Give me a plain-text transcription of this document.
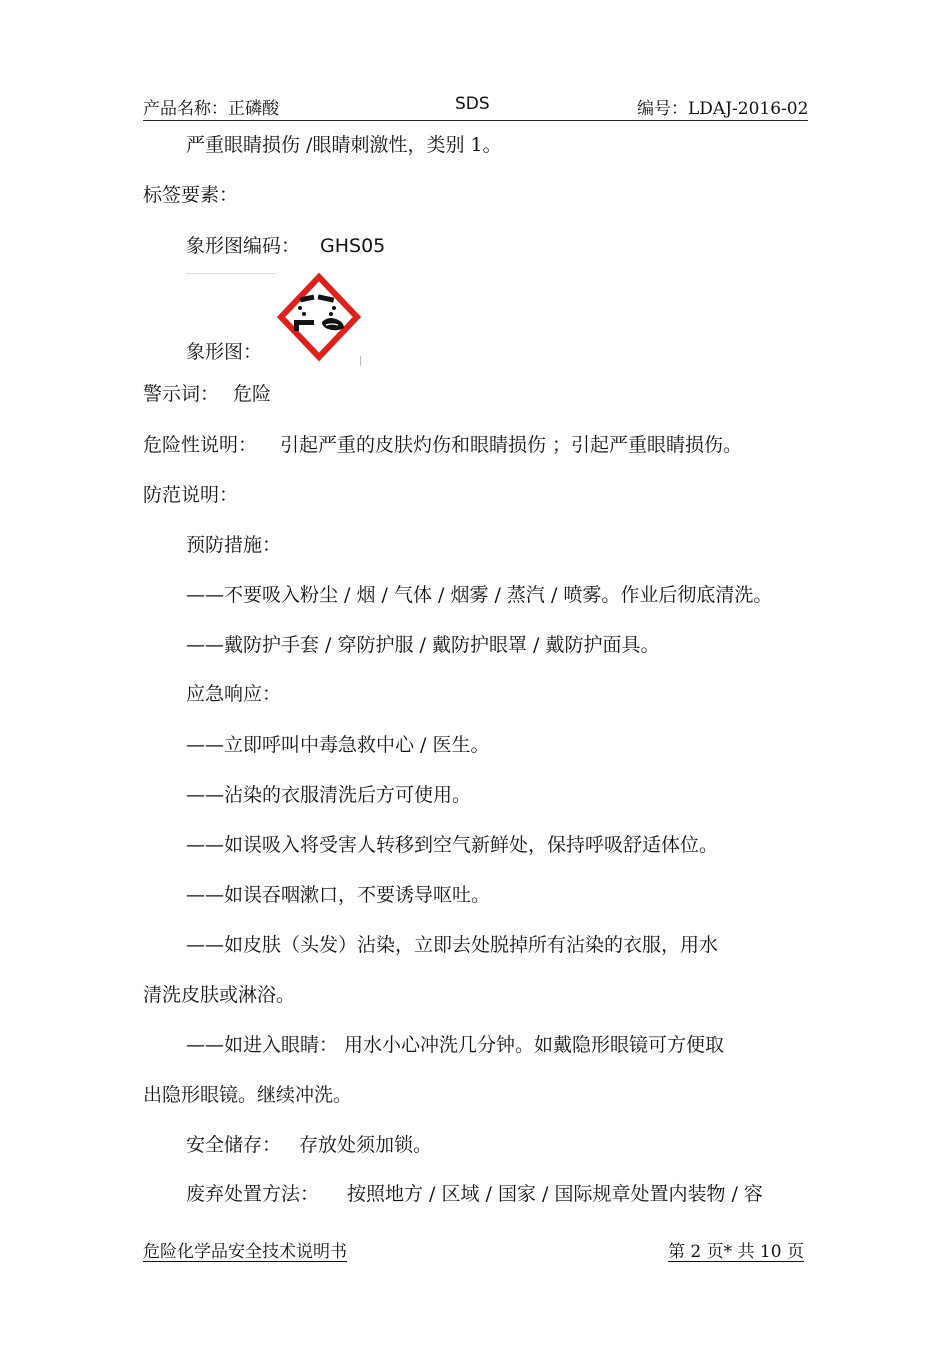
产品名称：正磷酸	SDS	编号：LDAJ-2016-02
严重眼睛损伤 /眼睛刺激性，类别 1。
标签要素：
象形图编码： GHS05
象形图：
警示词： 危险
危险性说明： 引起严重的皮肤灼伤和眼睛损伤 ；引起严重眼睛损伤。
防范说明：
预防措施：
——不要吸入粉尘 / 烟 / 气体 / 烟雾 / 蒸汽 / 喷雾。作业后彻底清洗。
——戴防护手套 / 穿防护服 / 戴防护眼罩 / 戴防护面具。
应急响应：
——立即呼叫中毒急救中心 / 医生。
——沾染的衣服清洗后方可使用。
——如误吸入将受害人转移到空气新鲜处，保持呼吸舒适体位。
——如误吞咽漱口，不要诱导呕吐。
——如皮肤（头发）沾染，立即去处脱掉所有沾染的衣服，用水
清洗皮肤或淋浴。
——如进入眼睛： 用水小心冲洗几分钟。如戴隐形眼镜可方便取
出隐形眼镜。继续冲洗。
安全储存： 存放处须加锁。
废弃处置方法： 按照地方 / 区域 / 国家 / 国际规章处置内装物 / 容
危险化学品安全技术说明书	第 2 页* 共 10 页
